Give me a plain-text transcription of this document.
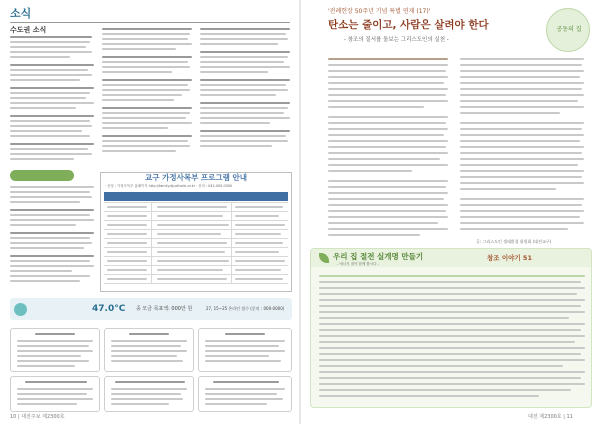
소식
수도권 소식
교구 가정사목부 프로그램 안내
· 신청 : 가정사목부 홈페이지 http://family.djcatholic.or.kr · 문의 : 042-000-0000
47.0°C 종 모금 목표액: 000만 원	27, 15~25 온라인 접수 (문의 : 000-0000)
10 | 대전주보 제2300호
'전례헌장 50주년 기념 특별 연재 (17)'
탄소는 줄이고, 사람은 살려야 한다
- 창조의 질서를 돌보는 그리스도인의 실천 -
공동의 집
글: 그리스도인 생태환경 위원회 (대전교구)
우리 집 절전 실개명 만들기
- 에너지 절약 함께 합시다 -
창조 이야기 51
대전 제2300호 | 11
